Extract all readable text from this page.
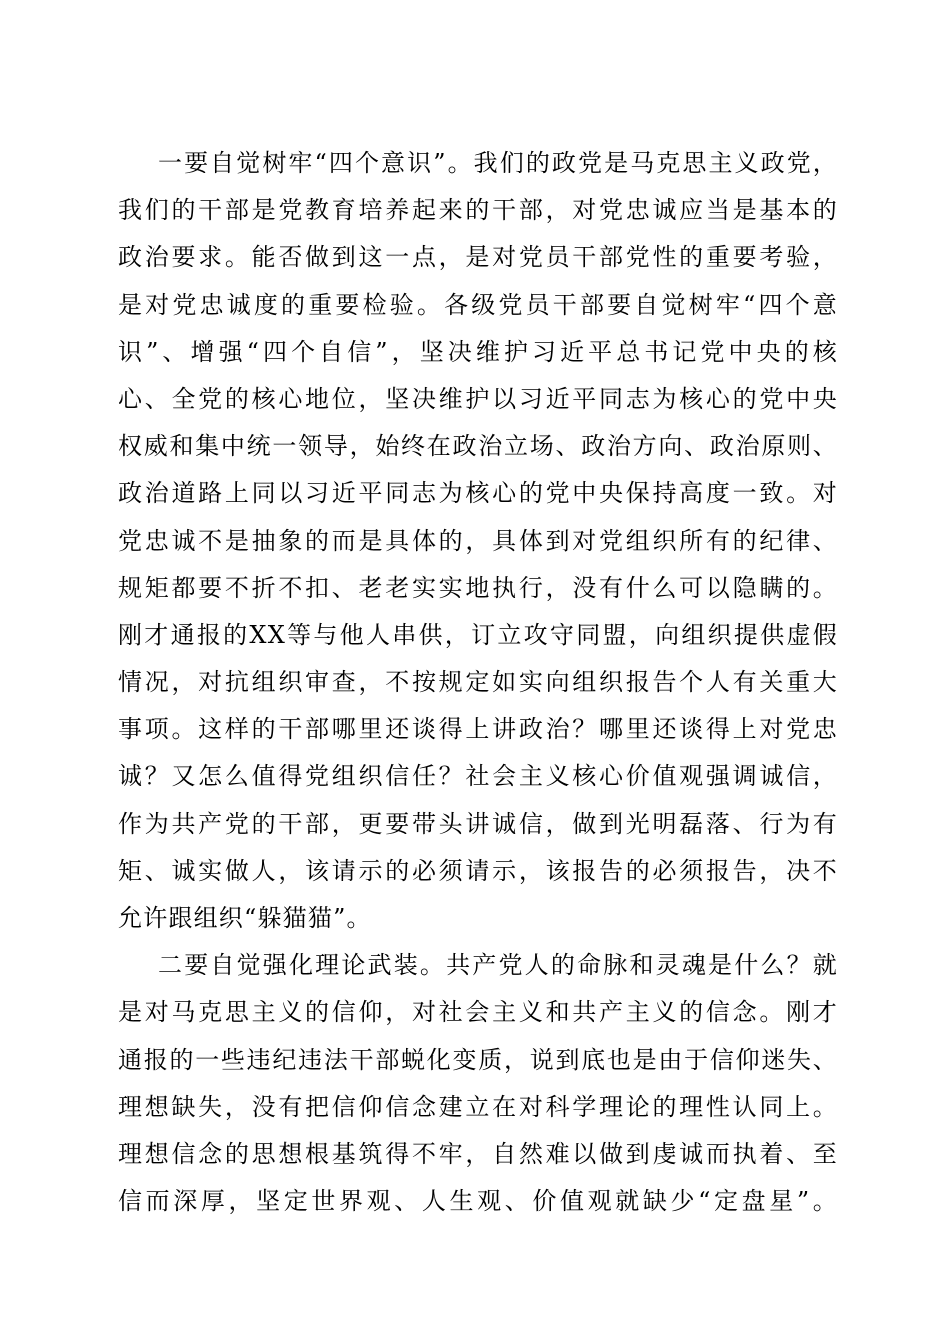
一要自觉树牢“四个意识”。我们的政党是马克思主义政党，
我们的干部是党教育培养起来的干部，对党忠诚应当是基本的
政治要求。能否做到这一点，是对党员干部党性的重要考验，
是对党忠诚度的重要检验。各级党员干部要自觉树牢“四个意
识”、增强“四个自信”，坚决维护习近平总书记党中央的核
心、全党的核心地位，坚决维护以习近平同志为核心的党中央
权威和集中统一领导，始终在政治立场、政治方向、政治原则、
政治道路上同以习近平同志为核心的党中央保持高度一致。对
党忠诚不是抽象的而是具体的，具体到对党组织所有的纪律、
规矩都要不折不扣、老老实实地执行，没有什么可以隐瞒的。
刚才通报的XX等与他人串供，订立攻守同盟，向组织提供虚假
情况，对抗组织审查，不按规定如实向组织报告个人有关重大
事项。这样的干部哪里还谈得上讲政治？哪里还谈得上对党忠
诚？又怎么值得党组织信任？社会主义核心价值观强调诚信，
作为共产党的干部，更要带头讲诚信，做到光明磊落、行为有
矩、诚实做人，该请示的必须请示，该报告的必须报告，决不
允许跟组织“躲猫猫”。
二要自觉强化理论武装。共产党人的命脉和灵魂是什么？就
是对马克思主义的信仰，对社会主义和共产主义的信念。刚才
通报的一些违纪违法干部蜕化变质，说到底也是由于信仰迷失、
理想缺失，没有把信仰信念建立在对科学理论的理性认同上。
理想信念的思想根基筑得不牢，自然难以做到虔诚而执着、至
信而深厚，坚定世界观、人生观、价值观就缺少“定盘星”。
